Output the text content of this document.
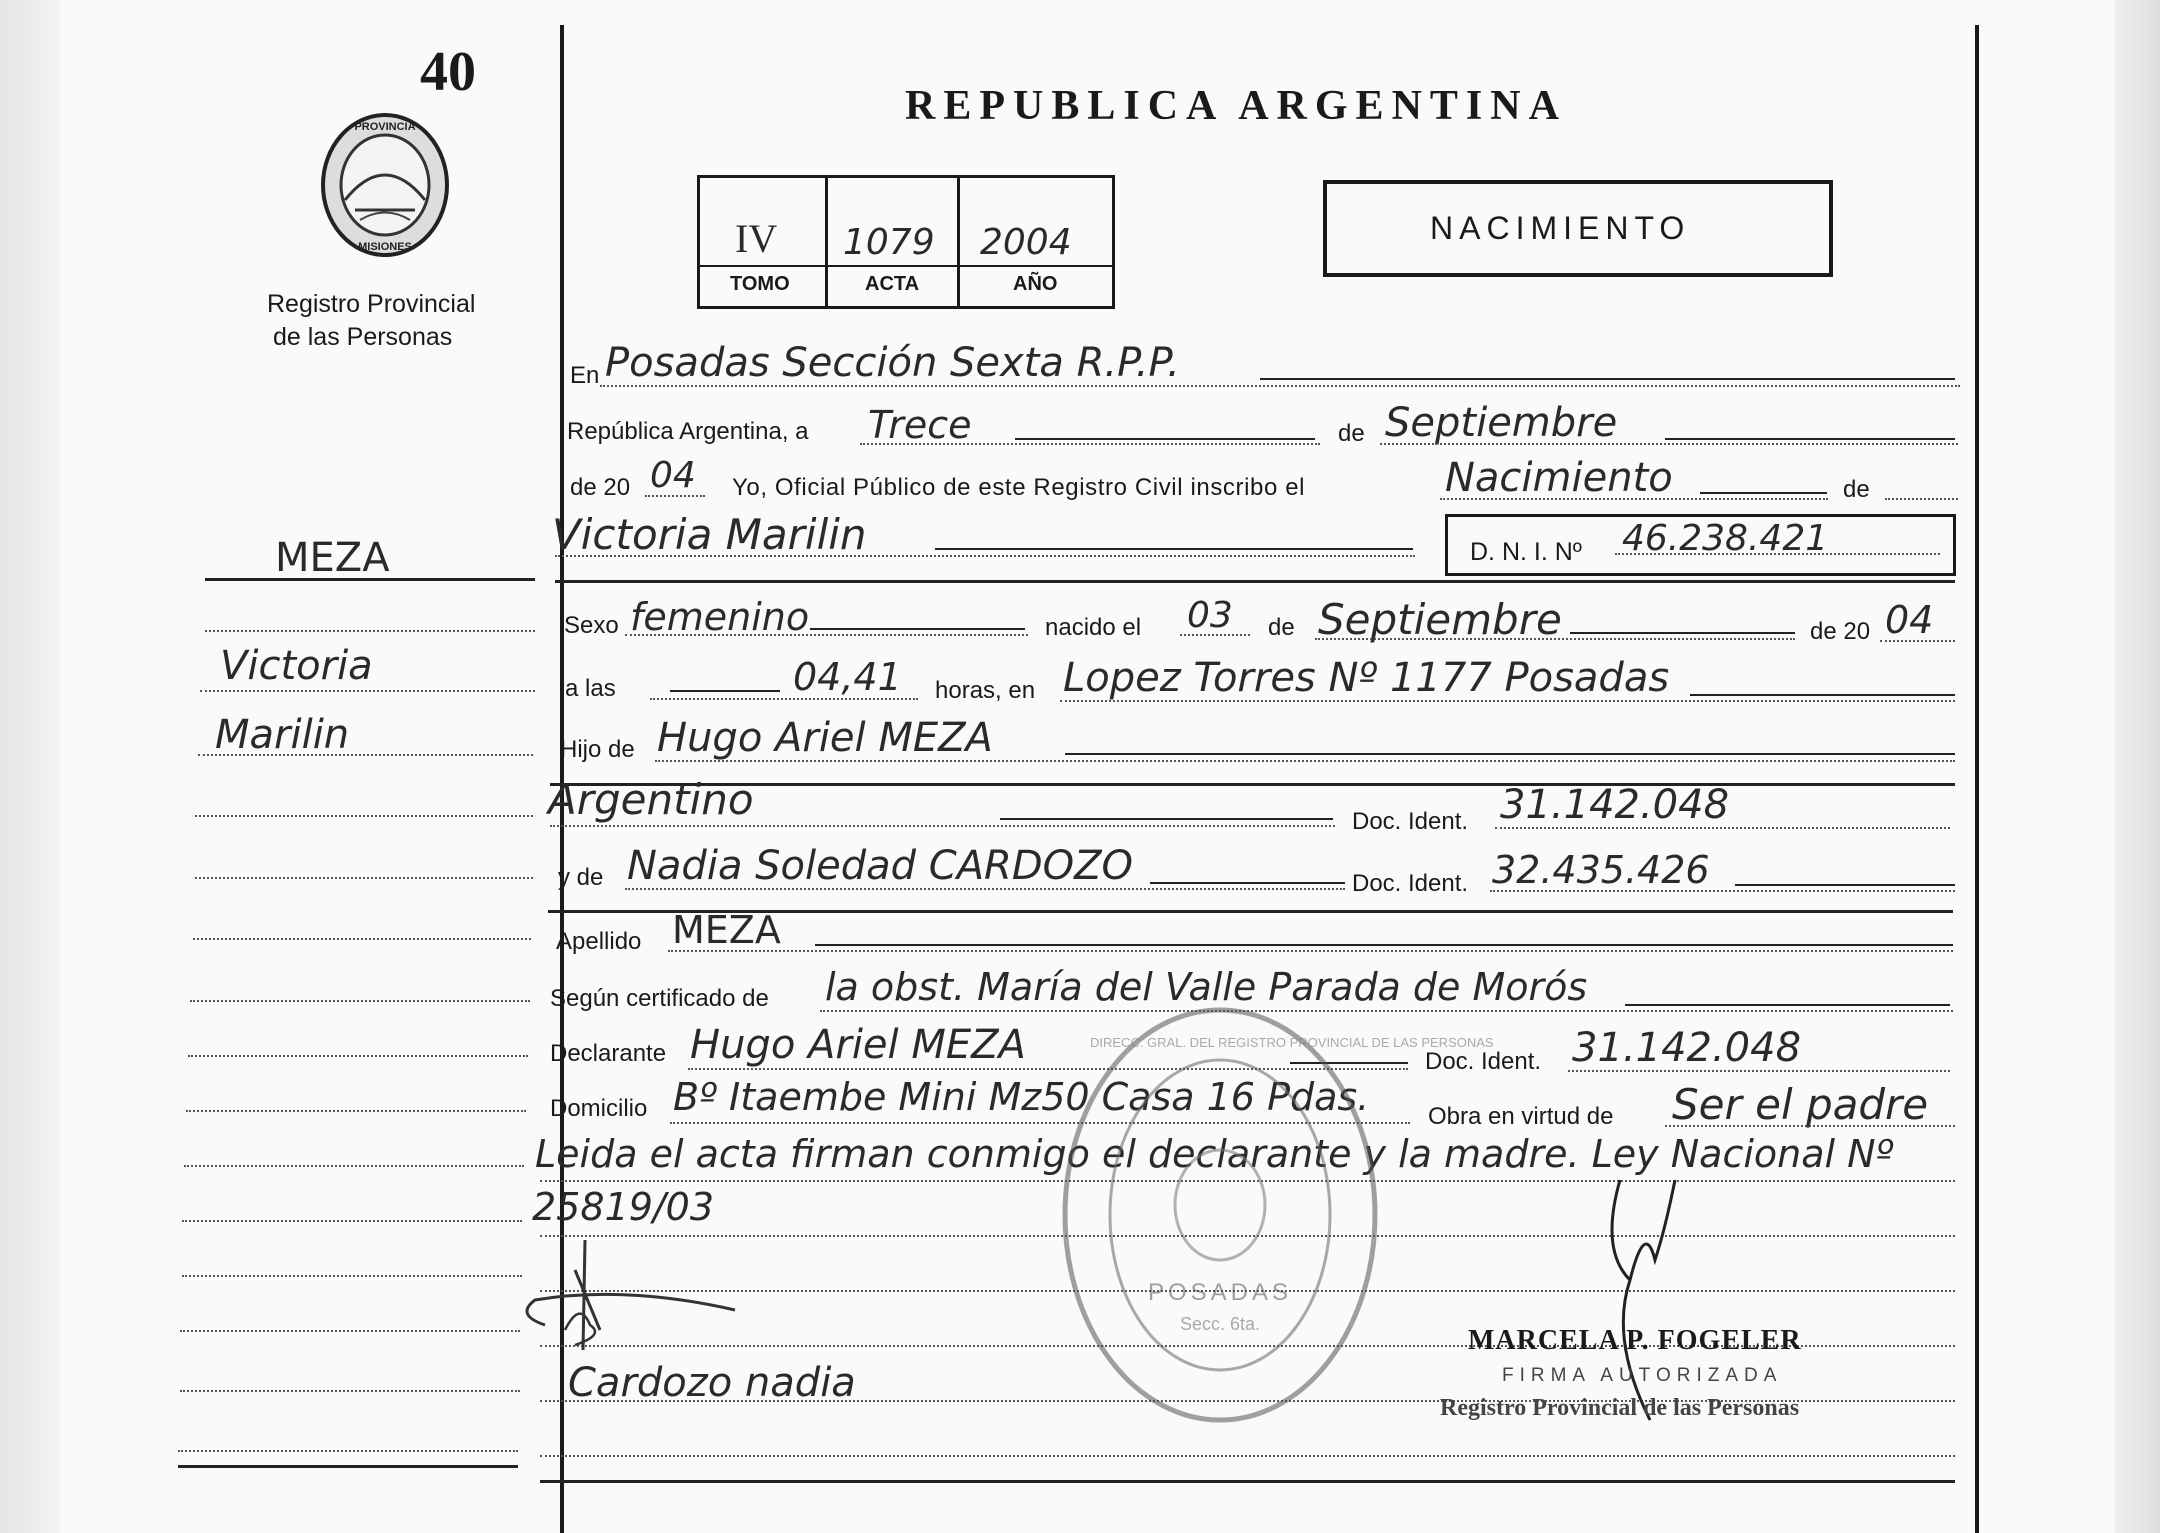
40
PROVINCIA
MISIONES
Registro Provincial
de las Personas
REPUBLICA ARGENTINA
IV 1079 2004
TOMO	ACTA	AÑO
NACIMIENTO
MEZA
Victoria
Marilin
En Posadas Sección Sexta R.P.P.
República Argentina, a Trece	de Septiembre
de 20 04 Yo, Oficial Público de este Registro Civil inscribo el	Nacimiento	de
Victoria Marilin	D. N. I. Nº 46.238.421
Sexo femenino	nacido el 03 de Septiembre	de 20 04
a las	04,41 horas, en Lopez Torres Nº 1177 Posadas
Hijo de Hugo Ariel MEZA
Argentino	Doc. Ident. 31.142.048
y de Nadia Soledad CARDOZO	Doc. Ident. 32.435.426
Apellido MEZA
Según certificado de la obst. María del Valle Parada de Morós
Declarante Hugo Ariel MEZA	Doc. Ident. 31.142.048
Domicilio Bº Itaembe Mini Mz50 Casa 16 Pdas. Obra en virtud de Ser el padre
Leida el acta firman conmigo el declarante y la madre. Ley Nacional Nº
25819/03
POSADAS
Secc. 6ta.
DIRECC. GRAL. DEL REGISTRO PROVINCIAL DE LAS PERSONAS
Cardozo nadia
MARCELA P. FOGELER
FIRMA AUTORIZADA
Registro Provincial de las Personas
